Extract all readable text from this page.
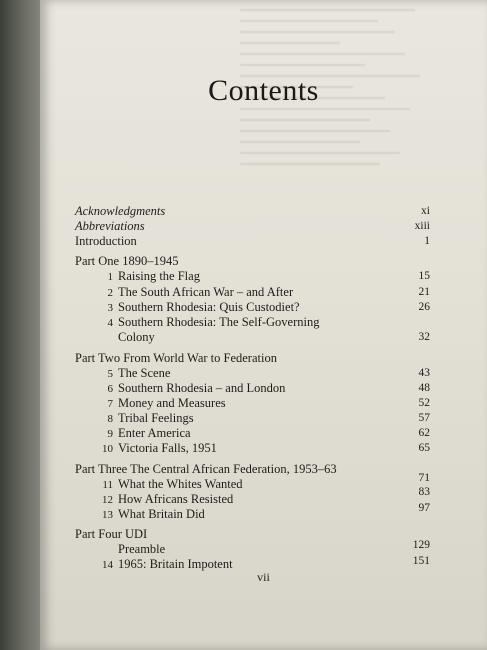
Contents
Acknowledgments	xi
Abbreviations	xiii
Introduction	1
Part One 1890–1945
1 Raising the Flag	15
2 The South African War – and After	21
3 Southern Rhodesia: Quis Custodiet?	26
4 Southern Rhodesia: The Self-Governing
Colony	32
Part Two From World War to Federation
5 The Scene	43
6 Southern Rhodesia – and London	48
7 Money and Measures	52
8 Tribal Feelings	57
9 Enter America	62
10 Victoria Falls, 1951	65
Part Three The Central African Federation, 1953–63
11 What the Whites Wanted	71
12 How Africans Resisted	83
13 What Britain Did	97
Part Four UDI
Preamble	129
14 1965: Britain Impotent	151
vii
